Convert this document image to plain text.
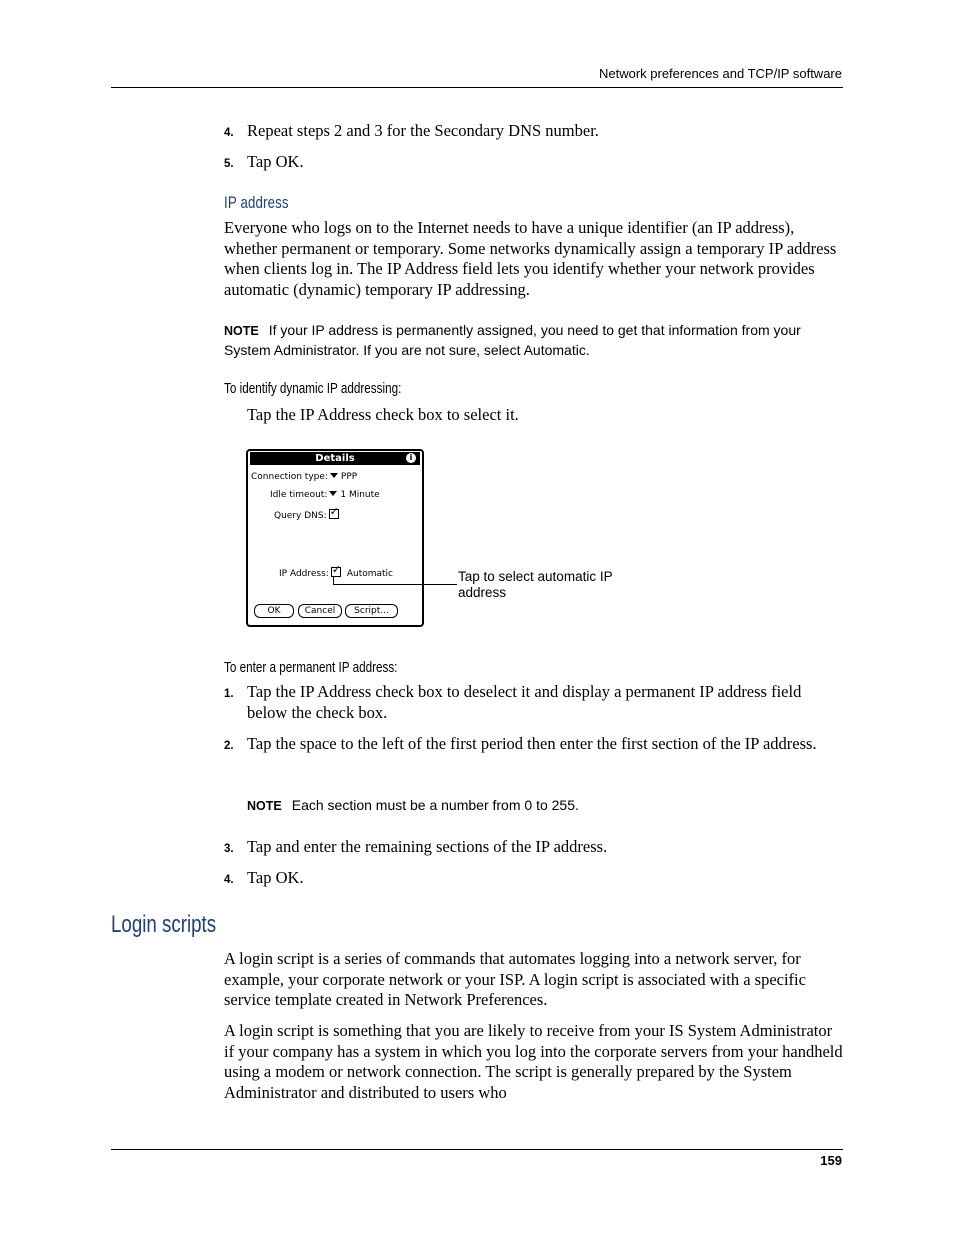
Network preferences and TCP/IP software
4. Repeat steps 2 and 3 for the Secondary DNS number.
5. Tap OK.
IP address
Everyone who logs on to the Internet needs to have a unique identifier (an IP address), whether permanent or temporary. Some networks dynamically assign a temporary IP address when clients log in. The IP Address field lets you identify whether your network provides automatic (dynamic) temporary IP addressing.
NOTE If your IP address is permanently assigned, you need to get that information from your System Administrator. If you are not sure, select Automatic.
To identify dynamic IP addressing:
Tap the IP Address check box to select it.
Details	i
Connection type: PPP
Idle timeout: 1 Minute
Query DNS:✓
IP Address:✓ Automatic
OK	Cancel	Script...
Tap to select automatic IP address
To enter a permanent IP address:
1. Tap the IP Address check box to deselect it and display a permanent IP address field below the check box.
2. Tap the space to the left of the first period then enter the first section of the IP address.
NOTE Each section must be a number from 0 to 255.
3. Tap and enter the remaining sections of the IP address.
4. Tap OK.
Login scripts
A login script is a series of commands that automates logging into a network server, for example, your corporate network or your ISP. A login script is associated with a specific service template created in Network Preferences.
A login script is something that you are likely to receive from your IS System Administrator if your company has a system in which you log into the corporate servers from your handheld using a modem or network connection. The script is generally prepared by the System Administrator and distributed to users who
159
